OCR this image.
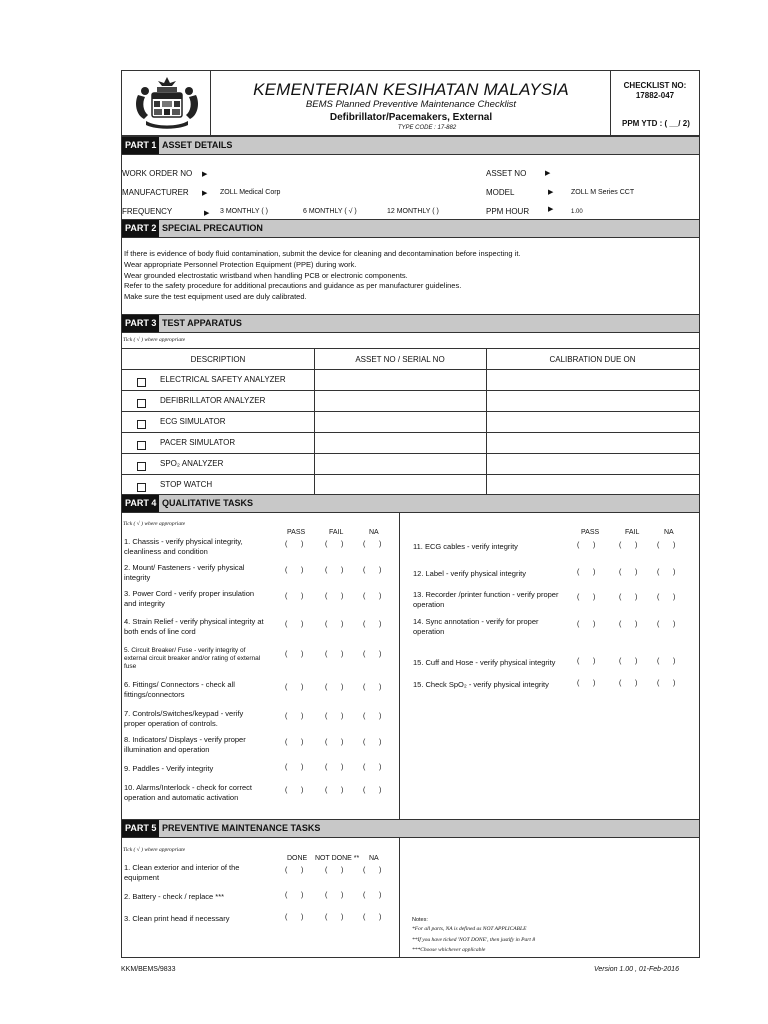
KEMENTERIAN KESIHATAN MALAYSIA
BEMS Planned Preventive Maintenance Checklist
Defibrillator/Pacemakers, External
TYPE CODE : 17-882
CHECKLIST NO:
17882-047
PPM YTD : ( __/ 2)
PART 1 ASSET DETAILS
WORK ORDER NO ▶	ASSET NO	▶
MANUFACTURER ▶ ZOLL Medical Corp	MODEL	▶	ZOLL M Series CCT
FREQUENCY	▶ 3 MONTHLY ( )	6 MONTHLY ( √ )	12 MONTHLY ( )	PPM HOUR	▶	1.00
PART 2 SPECIAL PRECAUTION
If there is evidence of body fluid contamination, submit the device for cleaning and decontamination before inspecting it.
Wear appropriate Personnel Protection Equipment (PPE) during work.
Wear grounded electrostatic wristband when handling PCB or electronic components.
Refer to the safety procedure for additional precautions and guidance as per manufacturer guidelines.
Make sure the test equipment used are duly calibrated.
PART 3 TEST APPARATUS
Tick ( √ ) where appropriate
DESCRIPTION	ASSET NO / SERIAL NO	CALIBRATION DUE ON
ELECTRICAL SAFETY ANALYZER
DEFIBRILLATOR ANALYZER
ECG SIMULATOR
PACER SIMULATOR
SPO₂ ANALYZER
STOP WATCH
PART 4 QUALITATIVE TASKS
Tick ( √ ) where appropriate
PASS	FAIL	NA	PASS	FAIL	NA
1. Chassis - verify physical integrity,
cleanliness and condition
(       )	(       )	(       )
2. Mount/ Fasteners - verify physical
integrity
(       )	(       )	(       )
3. Power Cord - verify proper insulation
and integrity
(       )	(       )	(       )
4. Strain Relief - verify physical integrity at
both ends of line cord
(       )	(       )	(       )
5. Circuit Breaker/ Fuse - verify integrity of
external circuit breaker and/or rating of external
fuse
(       )	(       )	(       )
6. Fittings/ Connectors - check all
fittings/connectors
(       )	(       )	(       )
7. Controls/Switches/keypad - verify
proper operation of controls.
(       )	(       )	(       )
8. Indicators/ Displays - verify proper
illumination and operation
(       )	(       )	(       )
9. Paddles - Verify integrity	(       )	(       )	(       )
10. Alarms/Interlock - check for correct
operation and automatic activation
(       )	(       )	(       )
11. ECG cables - verify integrity	(       )	(       )	(       )
12. Label - verify physical integrity	(       )	(       )	(       )
13. Recorder /printer function - verify proper
operation
(       )	(       )	(       )
14. Sync annotation - verify for proper
operation
(       )	(       )	(       )
15. Cuff and Hose - verify physical integrity	(       )	(       )	(       )
15. Check SpO₂ - verify physical integrity	(       )	(       )	(       )
PART 5 PREVENTIVE MAINTENANCE TASKS
Tick ( √ ) where appropriate
DONE NOT DONE ** NA
1. Clean exterior and interior of the
equipment
(       )	(       )	(       )
2. Battery - check / replace ***	(       )	(       )	(       )
3. Clean print head if necessary	(       )	(       )	(       )	Notes:
*For all parts, NA is defined as NOT APPLICABLE
**If you have ticked 'NOT DONE', then justify in Part 8
***Choose whichever applicable
KKM/BEMS/9833	Version 1.00 , 01-Feb-2016
